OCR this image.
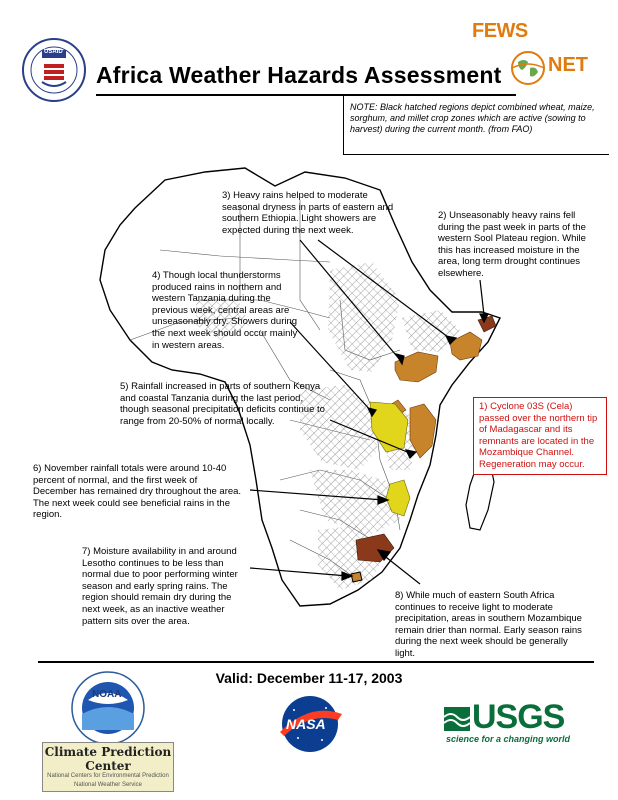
USAID
Africa Weather Hazards Assessment
FEWS
NET
NOTE: Black hatched regions depict combined wheat, maize, sorghum, and millet crop zones which are active (sowing to harvest) during the current month. (from FAO)
3) Heavy rains helped to moderate seasonal dryness in parts of eastern and southern Ethiopia. Light showers are expected during the next week.
2) Unseasonably heavy rains fell during the past week in parts of the western Sool Plateau region. While this has increased moisture in the area, long term drought continues elsewhere.
4) Though local thunderstorms produced rains in northern and western Tanzania during the previous week, central areas are unseasonably dry. Showers during the next week should occur mainly in western areas.
5) Rainfall increased in parts of southern Kenya and coastal Tanzania during the last period, though seasonal precipitation deficits continue to range from 20-50% of normal locally.
1) Cyclone 03S (Cela) passed over the northern tip of Madagascar and its remnants are located in the Mozambique Channel. Regeneration may occur.
6) November rainfall totals were around 10-40 percent of normal, and the first week of December has remained dry throughout the area. The next week could see beneficial rains in the region.
7) Moisture availability in and around Lesotho continues to be less than normal due to poor performing winter season and early spring rains. The region should remain dry during the next week, as an inactive weather pattern sits over the area.
8) While much of eastern South Africa continues to receive light to moderate precipitation, areas in southern Mozambique remain drier than normal. Early season rains during the next week should be generally light.
Valid: December 11-17, 2003
NOAA
Climate Prediction Center
National Centers for Environmental Prediction
National Weather Service
NASA	USGS
science for a changing world
